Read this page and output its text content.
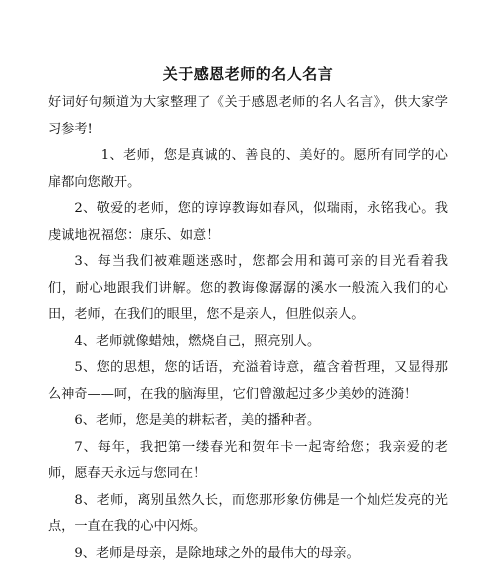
关于感恩老师的名人名言

好词好句频道为大家整理了《关于感恩老师的名人名言》，供大家学习参考!

1、老师，您是真诚的、善良的、美好的。愿所有同学的心扉都向您敞开。

2、敬爱的老师，您的谆谆教诲如春风，似瑞雨，永铭我心。我虔诚地祝福您：康乐、如意！

3、每当我们被难题迷惑时，您都会用和蔼可亲的目光看着我们，耐心地跟我们讲解。您的教诲像潺潺的溪水一般流入我们的心田，老师，在我们的眼里，您不是亲人，但胜似亲人。

4、老师就像蜡烛，燃烧自己，照亮别人。

5、您的思想，您的话语，充溢着诗意，蕴含着哲理，又显得那么神奇——呵，在我的脑海里，它们曾激起过多少美妙的涟漪！

6、老师，您是美的耕耘者，美的播种者。

7、每年，我把第一缕春光和贺年卡一起寄给您；我亲爱的老师，愿春天永远与您同在！

8、老师，离别虽然久长，而您那形象仿佛是一个灿烂发亮的光点，一直在我的心中闪烁。

9、老师是母亲，是除地球之外的最伟大的母亲。
